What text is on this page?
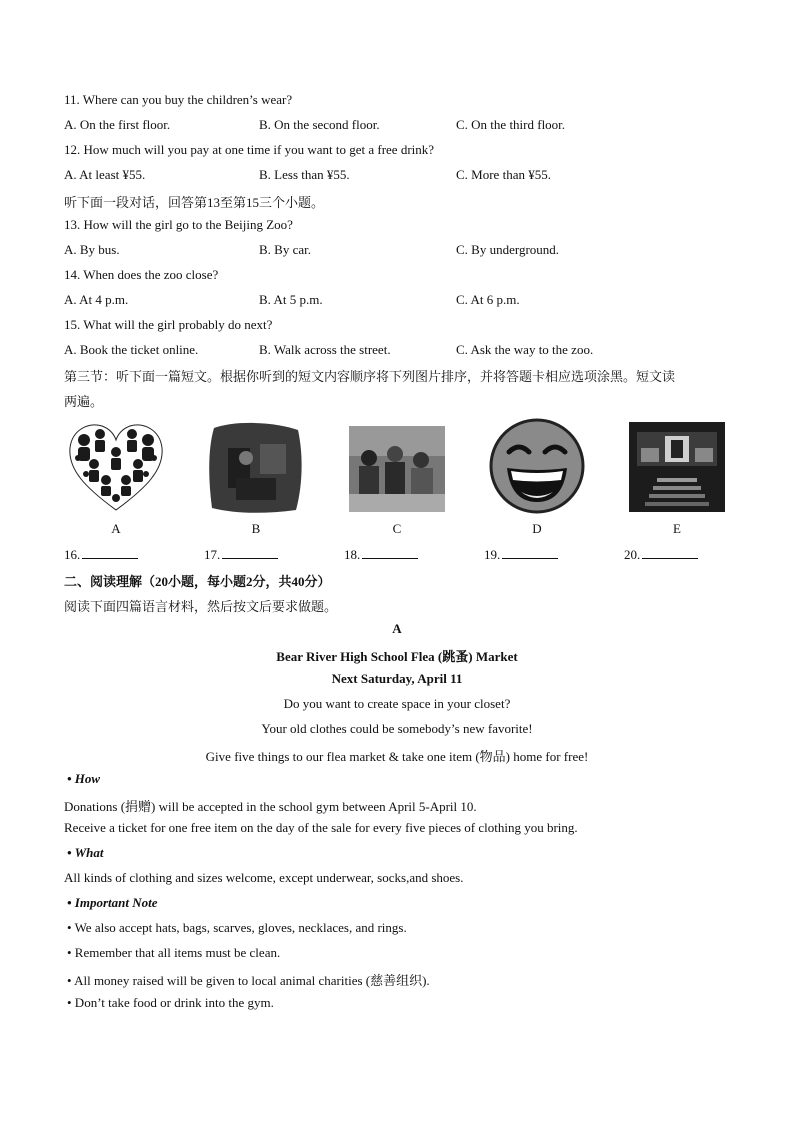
11. Where can you buy the children’s wear?
A. On the first floor.	B. On the second floor.	C. On the third floor.
12. How much will you pay at one time if you want to get a free drink?
A. At least ¥55.	B. Less than ¥55.	C. More than ¥55.
听下面一段对话，回答第13至第15三个小题。
13. How will the girl go to the Beijing Zoo?
A. By bus.	B. By car.	C. By underground.
14. When does the zoo close?
A. At 4 p.m.	B. At 5 p.m.	C. At 6 p.m.
15. What will the girl probably do next?
A. Book the ticket online.	B. Walk across the street.	C. Ask the way to the zoo.
第三节：听下面一篇短文。根据你听到的短文内容顺序将下列图片排序，并将答题卡相应选项涂黑。短文读
两遍。
A	B	C	D	E
16.	17.	18.	19.	20.
二、阅读理解（20小题，每小题2分，共40分）
阅读下面四篇语言材料，然后按文后要求做题。
A
Bear River High School Flea (跳蚤) Market
Next Saturday, April 11
Do you want to create space in your closet?
Your old clothes could be somebody’s new favorite!
Give five things to our flea market & take one item (物品) home for free!
• How
Donations (捐赠) will be accepted in the school gym between April 5-April 10.
Receive a ticket for one free item on the day of the sale for every five pieces of clothing you bring.
• What
All kinds of clothing and sizes welcome, except underwear, socks,and shoes.
• Important Note
• We also accept hats, bags, scarves, gloves, necklaces, and rings.
• Remember that all items must be clean.
• All money raised will be given to local animal charities (慈善组织).
• Don’t take food or drink into the gym.
